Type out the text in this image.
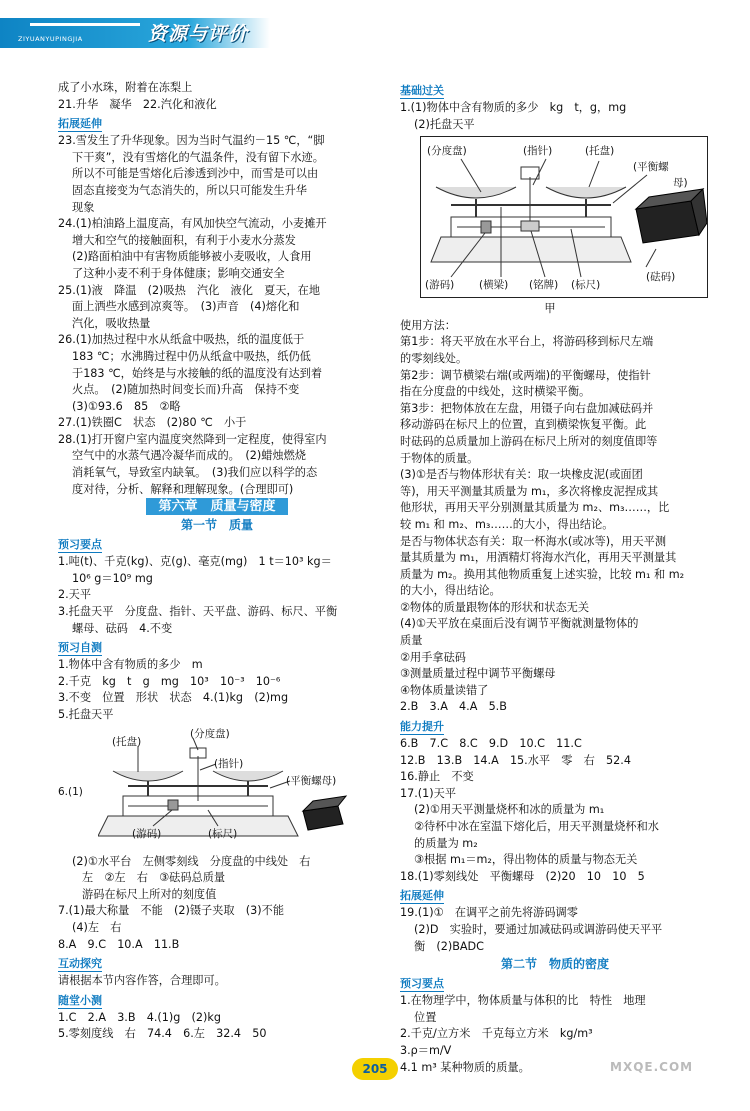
ZIYUANYUPINGJIA	资源与评价
成了小水珠，附着在冻梨上
21.升华　凝华　22.汽化和液化
拓展延伸
23.雪发生了升华现象。因为当时气温约－15 ℃，“脚
下干爽”，没有雪熔化的气温条件，没有留下水迹。
所以不可能是雪熔化后渗透到沙中，而雪是可以由
固态直接变为气态消失的，所以只可能发生升华
现象
24.(1)柏油路上温度高，有风加快空气流动，小麦摊开
增大和空气的接触面积，有利于小麦水分蒸发
(2)路面柏油中有害物质能够被小麦吸收，人食用
了这种小麦不利于身体健康；影响交通安全
25.(1)液　降温　(2)吸热　汽化　液化　夏天，在地
面上洒些水感到凉爽等。　(3)声音　(4)熔化和
汽化，吸收热量
26.(1)加热过程中水从纸盒中吸热，纸的温度低于
183 ℃；水沸腾过程中仍从纸盒中吸热，纸仍低
于183 ℃，始终是与水接触的纸的温度没有达到着
火点。　(2)随加热时间变长而)升高　保持不变
(3)①93.6　85　②略
27.(1)铁圈C　状态　(2)80 ℃　小于
28.(1)打开窗户室内温度突然降到一定程度，使得室内
空气中的水蒸气遇冷凝华而成的。　(2)蜡烛燃烧
消耗氧气，导致室内缺氧。　(3)我们应以科学的态
度对待，分析、解释和理解现象。(合理即可)
第六章　质量与密度
第一节　质量
预习要点
1.吨(t)、千克(kg)、克(g)、毫克(mg)　1 t＝10³ kg＝
10⁶ g＝10⁹ mg
2.天平
3.托盘天平　分度盘、指针、天平盘、游码、标尺、平衡
螺母、砝码　4.不变
预习自测
1.物体中含有物质的多少　m
2.千克　kg　t　g　mg　10³　10⁻³　10⁻⁶
3.不变　位置　形状　状态　4.(1)kg　(2)mg
5.托盘天平
6.(1)
(托盘)
(分度盘)
(指针)
(平衡螺母)
(游码)	(标尺)
(2)①水平台　左侧零刻线　分度盘的中线处　右
左　②左　右　③砝码总质量
游码在标尺上所对的刻度值
7.(1)最大称量　不能　(2)镊子夹取　(3)不能
(4)左　右
8.A　9.C　10.A　11.B
互动探究
请根据本节内容作答，合理即可。
随堂小测
1.C　2.A　3.B　4.(1)g　(2)kg
5.零刻度线　右　74.4　6.左　32.4　50
基础过关
1.(1)物体中含有物质的多少　kg　t，g，mg
(2)托盘天平
(分度盘)	(指针)	(托盘)
(平衡螺
母)
(游码) (横梁) (铭牌) (标尺)
(砝码)
甲
使用方法：
第1步：将天平放在水平台上，将游码移到标尺左端
的零刻线处。
第2步：调节横梁右端(或两端)的平衡螺母，使指针
指在分度盘的中线处，这时横梁平衡。
第3步：把物体放在左盘，用镊子向右盘加减砝码并
移动游码在标尺上的位置，直到横梁恢复平衡。此
时砝码的总质量加上游码在标尺上所对的刻度值即等
于物体的质量。
(3)①是否与物体形状有关：取一块橡皮泥(或面团
等)，用天平测量其质量为 m₁，多次将橡皮泥捏成其
他形状，再用天平分别测量其质量为 m₂、m₃……，比
较 m₁ 和 m₂、m₃……的大小，得出结论。
是否与物体状态有关：取一杯海水(或冰等)，用天平测
量其质量为 m₁，用酒精灯将海水汽化，再用天平测量其
质量为 m₂。换用其他物质重复上述实验，比较 m₁ 和 m₂
的大小，得出结论。
②物体的质量跟物体的形状和状态无关
(4)①天平放在桌面后没有调节平衡就测量物体的
质量
②用手拿砝码
③测量质量过程中调节平衡螺母
④物体质量读错了
2.B　3.A　4.A　5.B
能力提升
6.B　7.C　8.C　9.D　10.C　11.C
12.B　13.B　14.A　15.水平　零　右　52.4
16.静止　不变
17.(1)天平
(2)①用天平测量烧杯和冰的质量为 m₁
②待杯中冰在室温下熔化后，用天平测量烧杯和水
的质量为 m₂
③根据 m₁＝m₂，得出物体的质量与物态无关
18.(1)零刻线处　平衡螺母　(2)20　10　10　5
拓展延伸
19.(1)①　在调平之前先将游码调零
(2)D　实验时，要通过加减砝码或调游码使天平平
衡　(2)BADC
第二节　物质的密度
预习要点
1.在物理学中，物体质量与体积的比　特性　地理
位置
2.千克/立方米　千克每立方米　kg/m³
3.ρ＝m/V
4.1 m³ 某种物质的质量。
205	MXQE.COM
